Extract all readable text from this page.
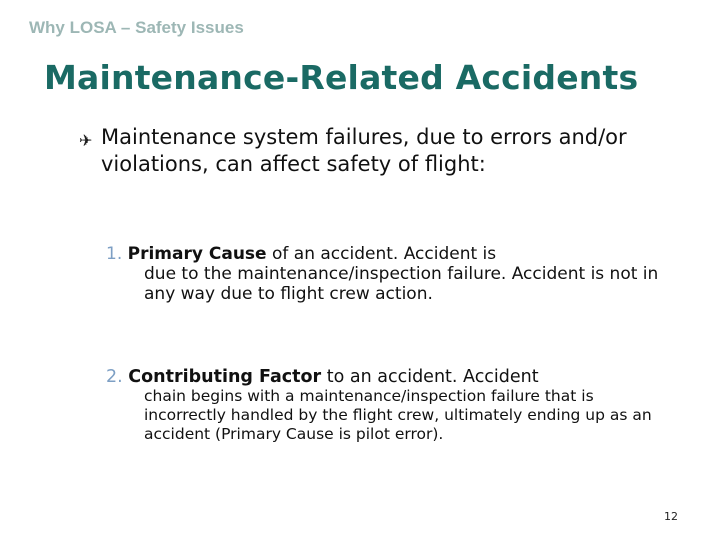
Why LOSA – Safety Issues
Maintenance-Related Accidents
✈ Maintenance system failures, due to errors and/or violations, can affect safety of flight:
1. Primary Cause of an accident. Accident is
due to the maintenance/inspection failure. Accident is not in any way due to flight crew action.
2. Contributing Factor to an accident. Accident
chain begins with a maintenance/inspection failure that is incorrectly handled by the flight crew, ultimately ending up as an accident (Primary Cause is pilot error).
12
